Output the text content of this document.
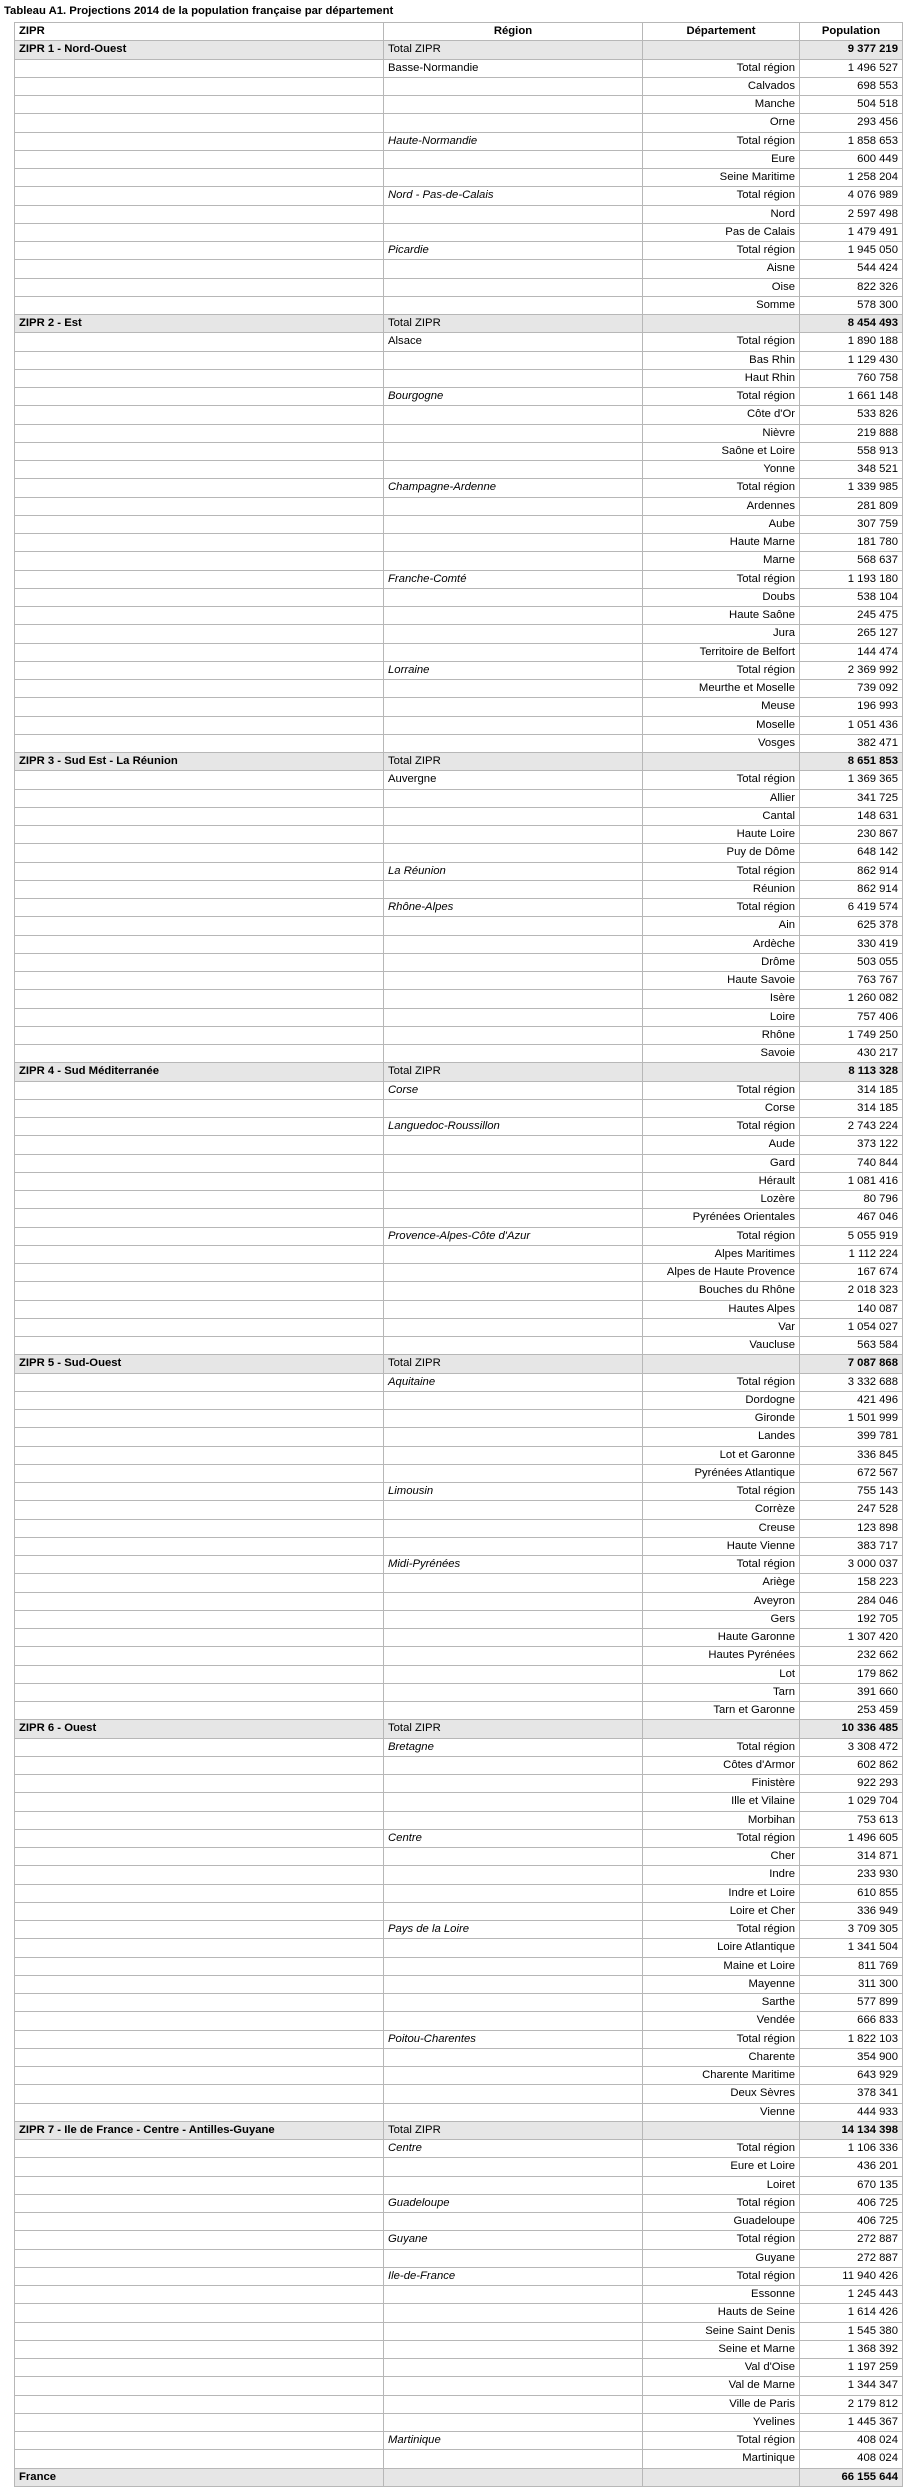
Tableau A1. Projections 2014 de la population française par département
ZIPR	Région	Département	Population
ZIPR 1 - Nord-Ouest	Total ZIPR		9 377 219
	Basse-Normandie	Total région	1 496 527
		Calvados	698 553
		Manche	504 518
		Orne	293 456
	Haute-Normandie	Total région	1 858 653
		Eure	600 449
		Seine Maritime	1 258 204
	Nord - Pas-de-Calais	Total région	4 076 989
		Nord	2 597 498
		Pas de Calais	1 479 491
	Picardie	Total région	1 945 050
		Aisne	544 424
		Oise	822 326
		Somme	578 300
ZIPR 2 - Est	Total ZIPR		8 454 493
	Alsace	Total région	1 890 188
		Bas Rhin	1 129 430
		Haut Rhin	760 758
	Bourgogne	Total région	1 661 148
		Côte d'Or	533 826
		Nièvre	219 888
		Saône et Loire	558 913
		Yonne	348 521
	Champagne-Ardenne	Total région	1 339 985
		Ardennes	281 809
		Aube	307 759
		Haute Marne	181 780
		Marne	568 637
	Franche-Comté	Total région	1 193 180
		Doubs	538 104
		Haute Saône	245 475
		Jura	265 127
		Territoire de Belfort	144 474
	Lorraine	Total région	2 369 992
		Meurthe et Moselle	739 092
		Meuse	196 993
		Moselle	1 051 436
		Vosges	382 471
ZIPR 3 - Sud Est - La Réunion	Total ZIPR		8 651 853
	Auvergne	Total région	1 369 365
		Allier	341 725
		Cantal	148 631
		Haute Loire	230 867
		Puy de Dôme	648 142
	La Réunion	Total région	862 914
		Réunion	862 914
	Rhône-Alpes	Total région	6 419 574
		Ain	625 378
		Ardèche	330 419
		Drôme	503 055
		Haute Savoie	763 767
		Isère	1 260 082
		Loire	757 406
		Rhône	1 749 250
		Savoie	430 217
ZIPR 4 - Sud Méditerranée	Total ZIPR		8 113 328
	Corse	Total région	314 185
		Corse	314 185
	Languedoc-Roussillon	Total région	2 743 224
		Aude	373 122
		Gard	740 844
		Hérault	1 081 416
		Lozère	80 796
		Pyrénées Orientales	467 046
	Provence-Alpes-Côte d'Azur	Total région	5 055 919
		Alpes Maritimes	1 112 224
		Alpes de Haute Provence	167 674
		Bouches du Rhône	2 018 323
		Hautes Alpes	140 087
		Var	1 054 027
		Vaucluse	563 584
ZIPR 5 - Sud-Ouest	Total ZIPR		7 087 868
	Aquitaine	Total région	3 332 688
		Dordogne	421 496
		Gironde	1 501 999
		Landes	399 781
		Lot et Garonne	336 845
		Pyrénées Atlantique	672 567
	Limousin	Total région	755 143
		Corrèze	247 528
		Creuse	123 898
		Haute Vienne	383 717
	Midi-Pyrénées	Total région	3 000 037
		Ariège	158 223
		Aveyron	284 046
		Gers	192 705
		Haute Garonne	1 307 420
		Hautes Pyrénées	232 662
		Lot	179 862
		Tarn	391 660
		Tarn et Garonne	253 459
ZIPR 6 - Ouest	Total ZIPR		10 336 485
	Bretagne	Total région	3 308 472
		Côtes d'Armor	602 862
		Finistère	922 293
		Ille et Vilaine	1 029 704
		Morbihan	753 613
	Centre	Total région	1 496 605
		Cher	314 871
		Indre	233 930
		Indre et Loire	610 855
		Loire et Cher	336 949
	Pays de la Loire	Total région	3 709 305
		Loire Atlantique	1 341 504
		Maine et Loire	811 769
		Mayenne	311 300
		Sarthe	577 899
		Vendée	666 833
	Poitou-Charentes	Total région	1 822 103
		Charente	354 900
		Charente Maritime	643 929
		Deux Sèvres	378 341
		Vienne	444 933
ZIPR 7 - Ile de France - Centre - Antilles-Guyane	Total ZIPR		14 134 398
	Centre	Total région	1 106 336
		Eure et Loire	436 201
		Loiret	670 135
	Guadeloupe	Total région	406 725
		Guadeloupe	406 725
	Guyane	Total région	272 887
		Guyane	272 887
	Ile-de-France	Total région	11 940 426
		Essonne	1 245 443
		Hauts de Seine	1 614 426
		Seine Saint Denis	1 545 380
		Seine et Marne	1 368 392
		Val d'Oise	1 197 259
		Val de Marne	1 344 347
		Ville de Paris	2 179 812
		Yvelines	1 445 367
	Martinique	Total région	408 024
		Martinique	408 024
France			66 155 644
